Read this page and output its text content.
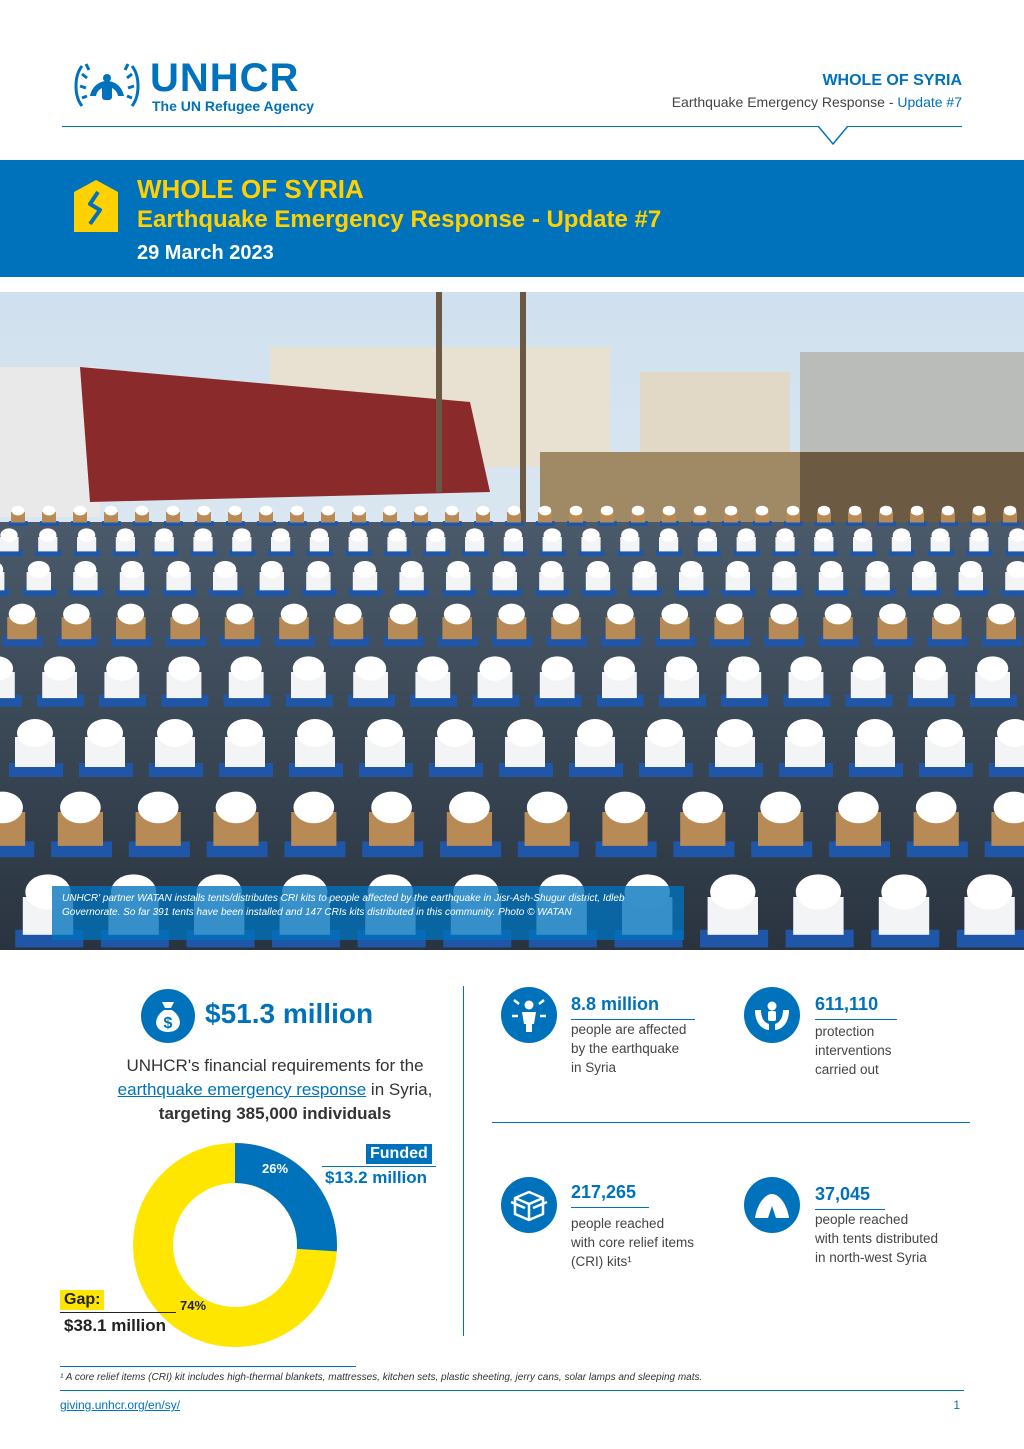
UNHCR
The UN Refugee Agency
WHOLE OF SYRIA
Earthquake Emergency Response - Update #7
WHOLE OF SYRIA
Earthquake Emergency Response - Update #7
29 March 2023
UNHCR' partner WATAN installs tents/distributes CRI kits to people affected by the earthquake in Jisr-Ash-Shugur district, Idleb Governorate. So far 391 tents have been installed and 147 CRIs kits distributed in this community. Photo © WATAN
$ $51.3 million
UNHCR's financial requirements for the
earthquake emergency response in Syria,
targeting 385,000 individuals
26%
74%
Funded
$13.2 million
Gap:
$38.1 million
8.8 million
people are affected
by the earthquake
in Syria
611,110
protection
interventions
carried out
217,265
people reached
with core relief items
(CRI) kits¹
37,045
people reached
with tents distributed
in north-west Syria
¹ A core relief items (CRI) kit includes high-thermal blankets, mattresses, kitchen sets, plastic sheeting, jerry cans, solar lamps and sleeping mats.
giving.unhcr.org/en/sy/	1
